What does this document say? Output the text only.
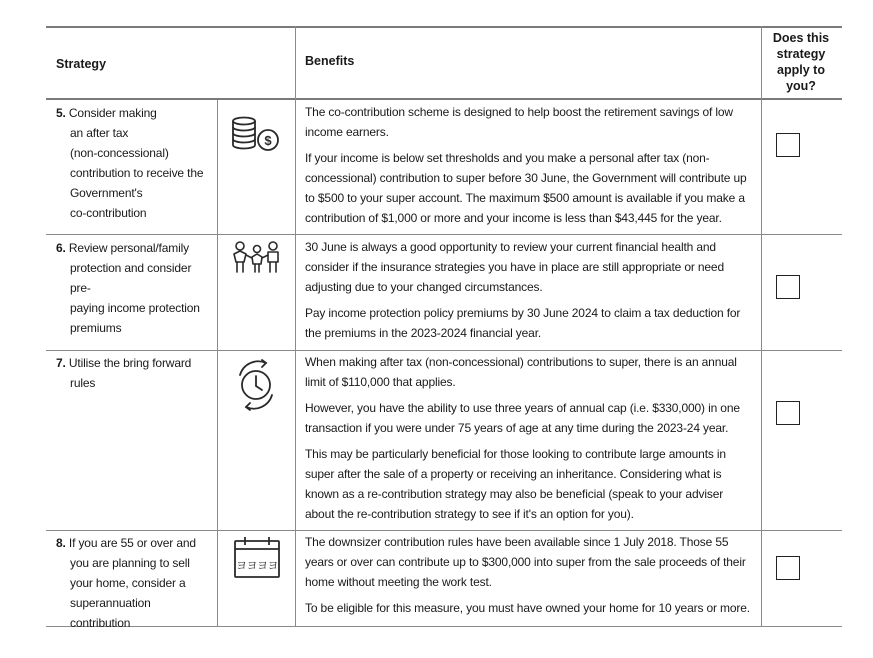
Strategy	Benefits
Does this strategy apply to you?
5. Consider making
an after tax
(non-concessional)
contribution to receive the
Government's
co-contribution
$

The co-contribution scheme is designed to help boost the retirement savings of low income earners.

If your income is below set thresholds and you make a personal after tax (non-concessional) contribution to super before 30 June, the Government will contribute up to $500 to your super account. The maximum $500 amount is available if you make a contribution of $1,000 or more and your income is less than $43,445 for the year.

6. Review personal/family
protection and consider pre-
paying income protection
premiums

30 June is always a good opportunity to review your current financial health and consider if the insurance strategies you have in place are still appropriate or need adjusting due to your changed circumstances.

Pay income protection policy premiums by 30 June 2024 to claim a tax deduction for the premiums in the 2023-2024 financial year.

7. Utilise the bring forward
rules

When making after tax (non-concessional) contributions to super, there is an annual limit of $110,000 that applies.

However, you have the ability to use three years of annual cap (i.e. $330,000) in one transaction if you were under 75 years of age at any time during the 2023-24 year.

This may be particularly beneficial for those looking to contribute large amounts in super after the sale of a property or receiving an inheritance. Considering what is known as a re-contribution strategy may also be beneficial (speak to your adviser about the re-contribution strategy to see if it's an option for you).

8. If you are 55 or over and
you are planning to sell
your home, consider a
superannuation contribution
ヨヨヨヨ

The downsizer contribution rules have been available since 1 July 2018. Those 55 years or over can contribute up to $300,000 into super from the sale proceeds of their home without meeting the work test.

To be eligible for this measure, you must have owned your home for 10 years or more.
